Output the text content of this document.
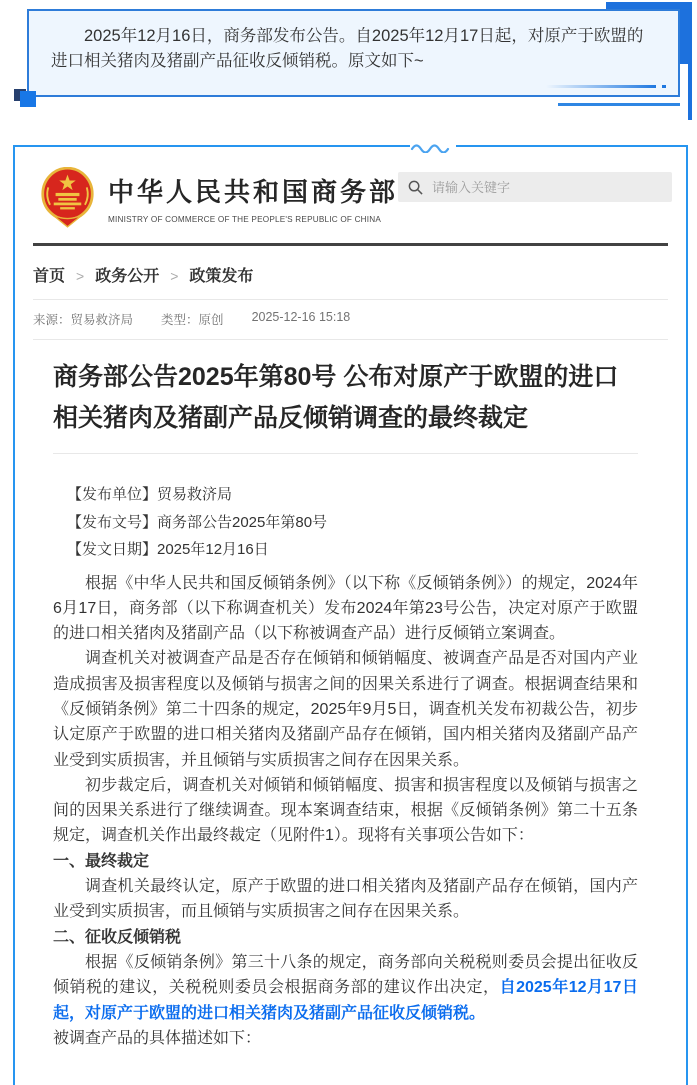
2025年12月16日，商务部发布公告。自2025年12月17日起，对原产于欧盟的进口相关猪肉及猪副产品征收反倾销税。原文如下~

中华人民共和国商务部
MINISTRY OF COMMERCE OF THE PEOPLE'S REPUBLIC OF CHINA
请输入关键字
首页 > 政务公开 > 政策发布
来源：贸易救济局 类型：原创 2025-12-16 15:18
商务部公告2025年第80号 公布对原产于欧盟的进口相关猪肉及猪副产品反倾销调查的最终裁定

【发布单位】贸易救济局

【发布文号】商务部公告2025年第80号

【发文日期】2025年12月16日

根据《中华人民共和国反倾销条例》（以下称《反倾销条例》）的规定，2024年6月17日，商务部（以下称调查机关）发布2024年第23号公告，决定对原产于欧盟的进口相关猪肉及猪副产品（以下称被调查产品）进行反倾销立案调查。

调查机关对被调查产品是否存在倾销和倾销幅度、被调查产品是否对国内产业造成损害及损害程度以及倾销与损害之间的因果关系进行了调查。根据调查结果和《反倾销条例》第二十四条的规定，2025年9月5日，调查机关发布初裁公告，初步认定原产于欧盟的进口相关猪肉及猪副产品存在倾销，国内相关猪肉及猪副产品产业受到实质损害，并且倾销与实质损害之间存在因果关系。

初步裁定后，调查机关对倾销和倾销幅度、损害和损害程度以及倾销与损害之间的因果关系进行了继续调查。现本案调查结束，根据《反倾销条例》第二十五条规定，调查机关作出最终裁定（见附件1）。现将有关事项公告如下：

一、最终裁定

调查机关最终认定，原产于欧盟的进口相关猪肉及猪副产品存在倾销，国内产业受到实质损害，而且倾销与实质损害之间存在因果关系。

二、征收反倾销税

根据《反倾销条例》第三十八条的规定，商务部向关税税则委员会提出征收反倾销税的建议，关税税则委员会根据商务部的建议作出决定，自2025年12月17日起，对原产于欧盟的进口相关猪肉及猪副产品征收反倾销税。

被调查产品的具体描述如下：
